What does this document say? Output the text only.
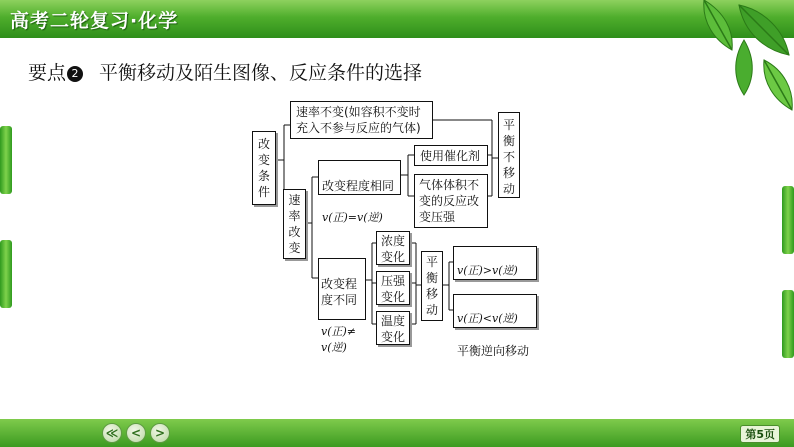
高考二轮复习·化学
要点 2 平衡移动及陌生图像、反应条件的选择
改
变
条
件
速率不变(如容积不变时
充入不参与反应的气体)
速
率
改
变

改变程度相同

v(正)=v(逆)

使用催化剂
气体体积不
变的反应改
变压强
平
衡
不
移
动

改变程
度不同

v(正)≠
v(逆)

浓度
变化
压强
变化
温度
变化
平
衡
移
动

v(正)>v(逆)

v(正)<v(逆)

平衡逆向移动

≪	<	>	第5页
